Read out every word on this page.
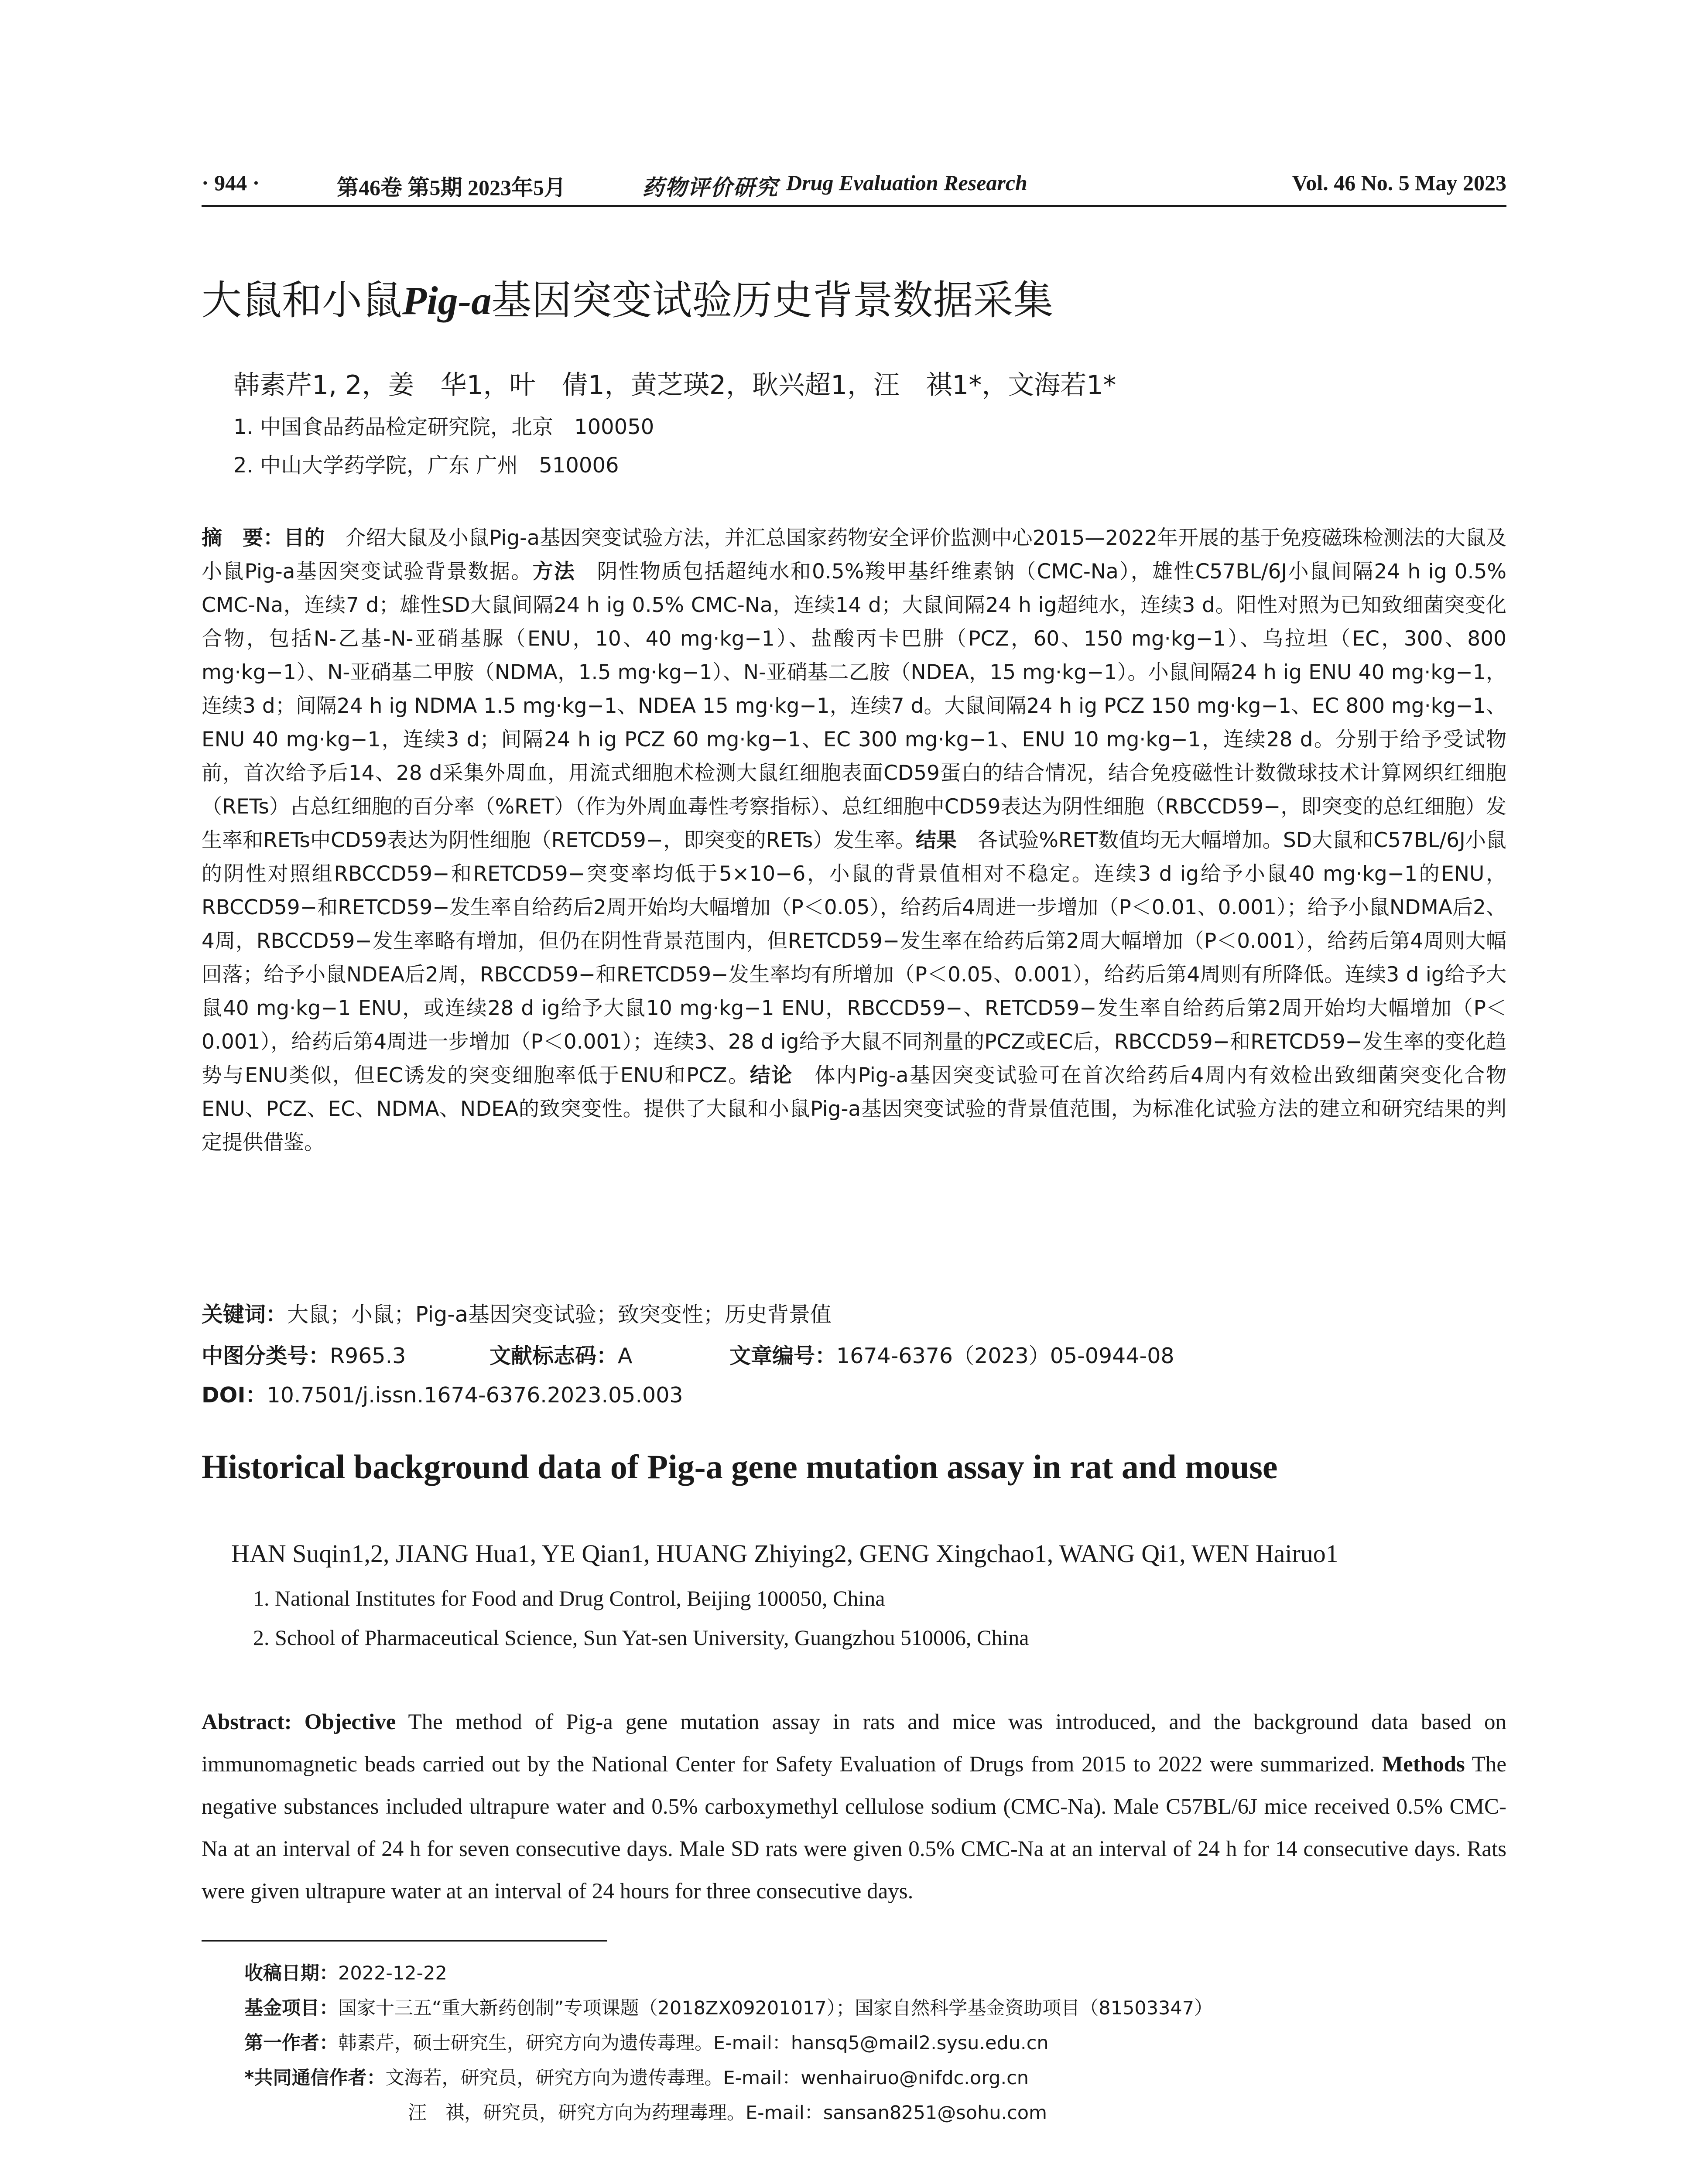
· 944 ·	第46卷 第5期 2023年5月	药物评价研究 Drug Evaluation Research	Vol. 46 No. 5 May 2023
大鼠和小鼠Pig-a基因突变试验历史背景数据采集
韩素芹1, 2，姜　华1，叶　倩1，黄芝瑛2，耿兴超1，汪　祺1*，文海若1*
1. 中国食品药品检定研究院，北京　100050
2. 中山大学药学院，广东 广州　510006
摘　要：目的　 介绍大鼠及小鼠Pig-a基因突变试验方法，并汇总国家药物安全评价监测中心2015—2022年开展的基于免疫磁珠检测法的大鼠及小鼠Pig-a基因突变试验背景数据。方法　 阴性物质包括超纯水和0.5%羧甲基纤维素钠（CMC-Na），雄性C57BL/6J小鼠间隔24 h ig 0.5% CMC-Na，连续7 d；雄性SD大鼠间隔24 h ig 0.5% CMC-Na，连续14 d；大鼠间隔24 h ig超纯水，连续3 d。阳性对照为已知致细菌突变化合物，包括N-乙基-N-亚硝基脲（ENU，10、40 mg·kg−1）、盐酸丙卡巴肼（PCZ，60、150 mg·kg−1）、乌拉坦（EC，300、800 mg·kg−1）、N-亚硝基二甲胺（NDMA，1.5 mg·kg−1）、N-亚硝基二乙胺（NDEA，15 mg·kg−1）。小鼠间隔24 h ig ENU 40 mg·kg−1，连续3 d；间隔24 h ig NDMA 1.5 mg·kg−1、NDEA 15 mg·kg−1，连续7 d。大鼠间隔24 h ig PCZ 150 mg·kg−1、EC 800 mg·kg−1、ENU 40 mg·kg−1，连续3 d；间隔24 h ig PCZ 60 mg·kg−1、EC 300 mg·kg−1、ENU 10 mg·kg−1，连续28 d。分别于给予受试物前，首次给予后14、28 d采集外周血，用流式细胞术检测大鼠红细胞表面CD59蛋白的结合情况，结合免疫磁性计数微球技术计算网织红细胞（RETs）占总红细胞的百分率（%RET）（作为外周血毒性考察指标）、总红细胞中CD59表达为阴性细胞（RBCCD59−，即突变的总红细胞）发生率和RETs中CD59表达为阴性细胞（RETCD59−，即突变的RETs）发生率。结果　 各试验%RET数值均无大幅增加。SD大鼠和C57BL/6J小鼠的阴性对照组RBCCD59−和RETCD59−突变率均低于5×10−6，小鼠的背景值相对不稳定。连续3 d ig给予小鼠40 mg·kg−1的ENU，RBCCD59−和RETCD59−发生率自给药后2周开始均大幅增加（P＜0.05），给药后4周进一步增加（P＜0.01、0.001）；给予小鼠NDMA后2、4周，RBCCD59−发生率略有增加，但仍在阴性背景范围内，但RETCD59−发生率在给药后第2周大幅增加（P＜0.001），给药后第4周则大幅回落；给予小鼠NDEA后2周，RBCCD59−和RETCD59−发生率均有所增加（P＜0.05、0.001），给药后第4周则有所降低。连续3 d ig给予大鼠40 mg·kg−1 ENU，或连续28 d ig给予大鼠10 mg·kg−1 ENU，RBCCD59−、RETCD59−发生率自给药后第2周开始均大幅增加（P＜0.001），给药后第4周进一步增加（P＜0.001）；连续3、28 d ig给予大鼠不同剂量的PCZ或EC后，RBCCD59−和RETCD59−发生率的变化趋势与ENU类似，但EC诱发的突变细胞率低于ENU和PCZ。结论　 体内Pig-a基因突变试验可在首次给药后4周内有效检出致细菌突变化合物ENU、PCZ、EC、NDMA、NDEA的致突变性。提供了大鼠和小鼠Pig-a基因突变试验的背景值范围，为标准化试验方法的建立和研究结果的判定提供借鉴。
关键词：大鼠；小鼠；Pig-a基因突变试验；致突变性；历史背景值
中图分类号：R965.3	文献标志码：A	文章编号：1674-6376（2023）05-0944-08
DOI：10.7501/j.issn.1674-6376.2023.05.003
Historical background data of Pig-a gene mutation assay in rat and mouse
HAN Suqin1,2, JIANG Hua1, YE Qian1, HUANG Zhiying2, GENG Xingchao1, WANG Qi1, WEN Hairuo1
1. National Institutes for Food and Drug Control, Beijing 100050, China
2. School of Pharmaceutical Science, Sun Yat-sen University, Guangzhou 510006, China
Abstract: Objective The method of Pig-a gene mutation assay in rats and mice was introduced, and the background data based on immunomagnetic beads carried out by the National Center for Safety Evaluation of Drugs from 2015 to 2022 were summarized. Methods The negative substances included ultrapure water and 0.5% carboxymethyl cellulose sodium (CMC-Na). Male C57BL/6J mice received 0.5% CMC-Na at an interval of 24 h for seven consecutive days. Male SD rats were given 0.5% CMC-Na at an interval of 24 h for 14 consecutive days. Rats were given ultrapure water at an interval of 24 hours for three consecutive days.
收稿日期：2022-12-22
基金项目：国家十三五“重大新药创制”专项课题（2018ZX09201017）；国家自然科学基金资助项目（81503347）
第一作者：韩素芹，硕士研究生，研究方向为遗传毒理。E-mail：hansq5@mail2.sysu.edu.cn
*共同通信作者：文海若，研究员，研究方向为遗传毒理。E-mail：wenhairuo@nifdc.org.cn
汪　祺，研究员，研究方向为药理毒理。E-mail：sansan8251@sohu.com
